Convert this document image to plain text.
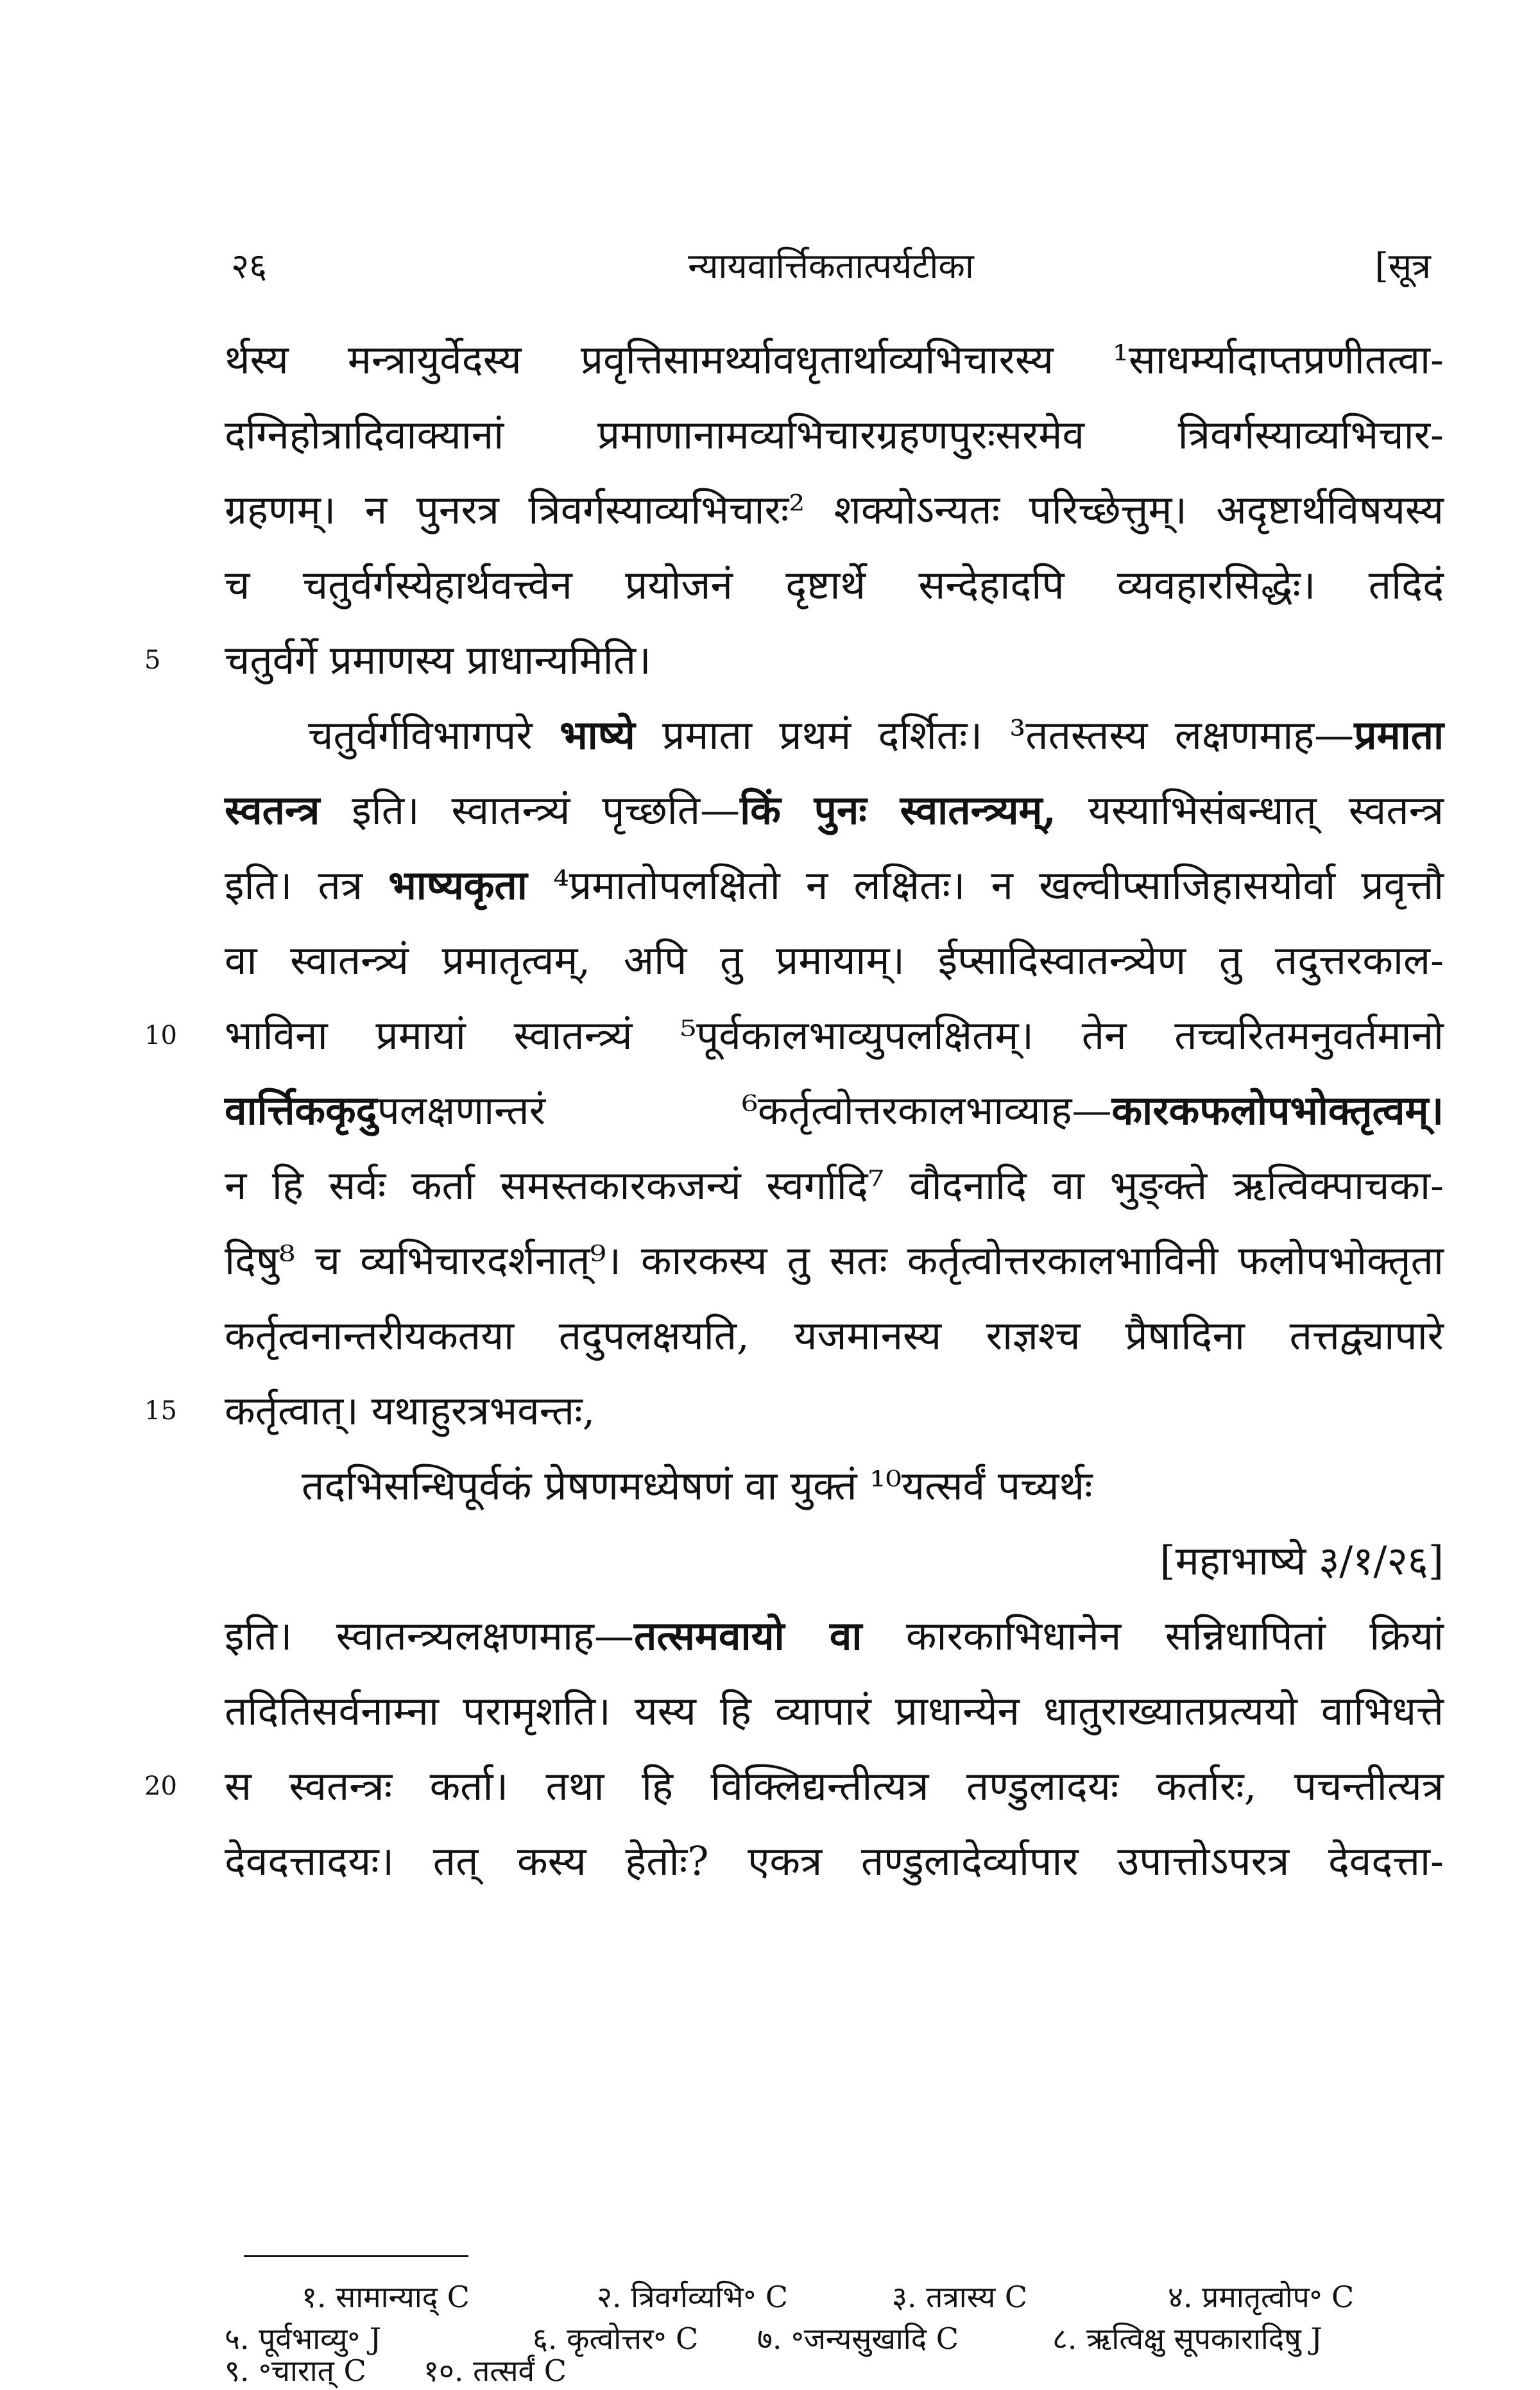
२६	न्यायवार्त्तिकतात्पर्यटीका	[सूत्र
र्थस्य मन्त्रायुर्वेदस्य प्रवृत्तिसामर्थ्यावधृतार्थाव्यभिचारस्य ¹साधर्म्यादाप्तप्रणीतत्वा-
दग्निहोत्रादिवाक्यानां प्रमाणानामव्यभिचारग्रहणपुरःसरमेव त्रिवर्गस्याव्यभिचार-
ग्रहणम्। न पुनरत्र त्रिवर्गस्याव्यभिचारः² शक्योऽन्यतः परिच्छेत्तुम्। अदृष्टार्थविषयस्य
च चतुर्वर्गस्येहार्थवत्त्वेन प्रयोजनं दृष्टार्थे सन्देहादपि व्यवहारसिद्धेः। तदिदं
चतुर्वर्गे प्रमाणस्य प्राधान्यमिति।
चतुर्वर्गविभागपरे भाष्ये प्रमाता प्रथमं दर्शितः। ³ततस्तस्य लक्षणमाह—प्रमाता
स्वतन्त्र इति। स्वातन्त्र्यं पृच्छति—किं पुनः स्वातन्त्र्यम्, यस्याभिसंबन्धात् स्वतन्त्र
इति। तत्र भाष्यकृता ⁴प्रमातोपलक्षितो न लक्षितः। न खल्वीप्साजिहासयोर्वा प्रवृत्तौ
वा स्वातन्त्र्यं प्रमातृत्वम्, अपि तु प्रमायाम्। ईप्सादिस्वातन्त्र्येण तु तदुत्तरकाल-
भाविना प्रमायां स्वातन्त्र्यं ⁵पूर्वकालभाव्युपलक्षितम्। तेन तच्चरितमनुवर्तमानो
वार्त्तिककृदुपलक्षणान्तरं ⁶कर्तृत्वोत्तरकालभाव्याह—कारकफलोपभोक्तृत्वम्।
न हि सर्वः कर्ता समस्तकारकजन्यं स्वर्गादि⁷ वौदनादि वा भुङ्क्ते ऋत्विक्पाचका-
दिषु⁸ च व्यभिचारदर्शनात्⁹। कारकस्य तु सतः कर्तृत्वोत्तरकालभाविनी फलोपभोक्तृता
कर्तृत्वनान्तरीयकतया तदुपलक्षयति, यजमानस्य राज्ञश्च प्रैषादिना तत्तद्व्यापारे
कर्तृत्वात्। यथाहुरत्रभवन्तः,
तदभिसन्धिपूर्वकं प्रेषणमध्येषणं वा युक्तं ¹⁰यत्सर्वं पच्यर्थः
[महाभाष्ये ३/१/२६]
इति। स्वातन्त्र्यलक्षणमाह—तत्समवायो वा कारकाभिधानेन सन्निधापितां क्रियां
तदितिसर्वनाम्ना परामृशति। यस्य हि व्यापारं प्राधान्येन धातुराख्यातप्रत्ययो वाभिधत्ते
स स्वतन्त्रः कर्ता। तथा हि विक्लिद्यन्तीत्यत्र तण्डुलादयः कर्तारः, पचन्तीत्यत्र
देवदत्तादयः। तत् कस्य हेतोः? एकत्र तण्डुलादेर्व्यापार उपात्तोऽपरत्र देवदत्ता-
5
10
15
20
१. सामान्याद् C	२. त्रिवर्गव्यभि॰ C	३. तत्रास्य C	४. प्रमातृत्वोप॰ C
५. पूर्वभाव्यु॰ J	६. कृत्वोत्तर॰ C ७. ॰जन्यसुखादि C	८. ऋत्विक्षु सूपकारादिषु J
९. ॰चारात् C १०. तत्सर्वं C
